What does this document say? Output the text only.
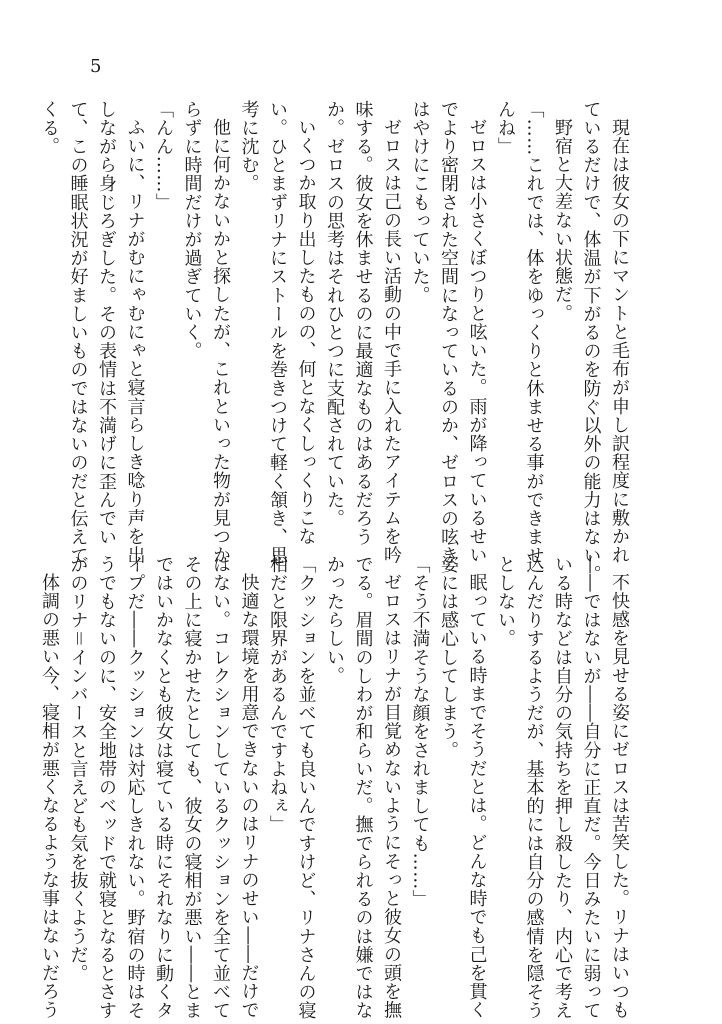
5
現在は彼女の下にマントと毛布が申し訳程度に敷かれ
ているだけで、体温が下がるのを防ぐ以外の能力はない。
野宿と大差ない状態だ。
「……これでは、体をゆっくりと休ませる事ができませ
んね」
ゼロスは小さくぼつりと呟いた。雨が降っているせい
でより密閉された空間になっているのか、ゼロスの呟き
はやけにこもっていた。
ゼロスは己の長い活動の中で手に入れたアイテムを吟
味する。彼女を休ませるのに最適なものはあるだろう
か。ゼロスの思考はそれひとつに支配されていた。
いくつか取り出したものの、何となくしっくりこな
い。ひとまずリナにストールを巻きつけて軽く頷き、思
考に沈む。
他に何かないかと探したが、これといった物が見つか
らずに時間だけが過ぎていく。
「んん……」
ふいに、リナがむにゃむにゃと寝言らしき唸り声を出
しながら身じろぎした。その表情は不満げに歪んでい
て、この睡眠状況が好ましいものではないのだと伝えて
くる。
不快感を見せる姿にゼロスは苦笑した。リナはいつも
――ではないが――自分に正直だ。今日みたいに弱って
いる時などは自分の気持ちを押し殺したり、内心で考え
込んだりするようだが、基本的には自分の感情を隠そう
としない。
眠っている時までそうだとは。どんな時でも己を貫く
姿には感心してしまう。
「そう不満そうな顔をされましても……」
ゼロスはリナが目覚めないようにそっと彼女の頭を撫
でる。眉間のしわが和らいだ。撫でられるのは嫌ではな
かったらしい。
「クッションを並べても良いんですけど、リナさんの寝
相だと限界があるんですよねぇ」
快適な環境を用意できないのはリナのせい――だけで
はない。コレクションしているクッションを全て並べて
その上に寝かせたとしても、彼女の寝相が悪い――とま
ではいかなくとも彼女は寝ている時にそれなりに動くタ
イプだ――クッションは対応しきれない。野宿の時はそ
うでもないのに、安全地帯のベッドで就寝となるとさす
がのリナ＝インバースと言えども気を抜くようだ。
体調の悪い今、寝相が悪くなるような事はないだろう
